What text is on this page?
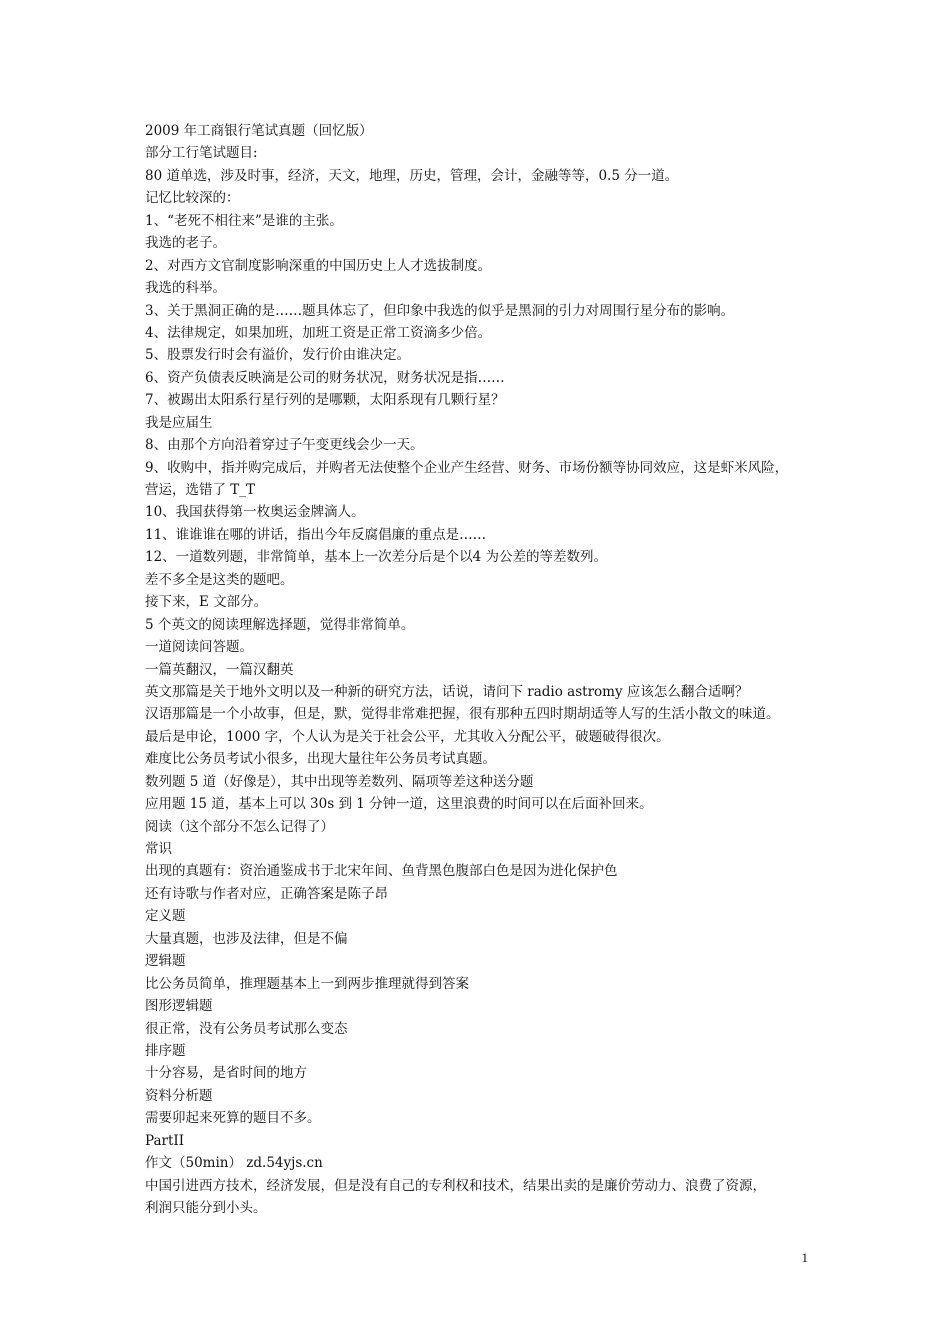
2009 年工商银行笔试真题（回忆版）
部分工行笔试题目:
80 道单选，涉及时事，经济，天文，地理，历史，管理，会计，金融等等，0.5 分一道。
记忆比较深的：
1、“老死不相往来”是谁的主张。
我选的老子。
2、对西方文官制度影响深重的中国历史上人才选拔制度。
我选的科举。
3、关于黑洞正确的是……题具体忘了，但印象中我选的似乎是黑洞的引力对周围行星分布的影响。
4、法律规定，如果加班，加班工资是正常工资滴多少倍。
5、股票发行时会有溢价，发行价由谁决定。
6、资产负债表反映滴是公司的财务状况，财务状况是指……
7、被踢出太阳系行星行列的是哪颗，太阳系现有几颗行星？
我是应届生
8、由那个方向沿着穿过子午变更线会少一天。
9、收购中，指并购完成后，并购者无法使整个企业产生经营、财务、市场份额等协同效应，这是虾米风险，
营运，选错了 T_T
10、我国获得第一枚奥运金牌滴人。
11、谁谁谁在哪的讲话，指出今年反腐倡廉的重点是……
12、一道数列题，非常简单，基本上一次差分后是个以4 为公差的等差数列。
差不多全是这类的题吧。
接下来，E 文部分。
5 个英文的阅读理解选择题，觉得非常简单。
一道阅读问答题。
一篇英翻汉，一篇汉翻英
英文那篇是关于地外文明以及一种新的研究方法，话说，请问下 radio astromy 应该怎么翻合适啊？
汉语那篇是一个小故事，但是，默，觉得非常难把握，很有那种五四时期胡适等人写的生活小散文的味道。
最后是申论，1000 字，个人认为是关于社会公平，尤其收入分配公平，破题破得很次。
难度比公务员考试小很多，出现大量往年公务员考试真题。
数列题 5 道（好像是），其中出现等差数列、隔项等差这种送分题
应用题 15 道，基本上可以 30s 到 1 分钟一道，这里浪费的时间可以在后面补回来。
阅读（这个部分不怎么记得了）
常识
出现的真题有：资治通鉴成书于北宋年间、鱼背黑色腹部白色是因为进化保护色
还有诗歌与作者对应，正确答案是陈子昂
定义题
大量真题，也涉及法律，但是不偏
逻辑题
比公务员简单，推理题基本上一到两步推理就得到答案
图形逻辑题
很正常，没有公务员考试那么变态
排序题
十分容易，是省时间的地方
资料分析题
需要卯起来死算的题目不多。
PartII
作文（50min） zd.54yjs.cn
中国引进西方技术，经济发展，但是没有自己的专利权和技术，结果出卖的是廉价劳动力、浪费了资源，
利润只能分到小头。
1
